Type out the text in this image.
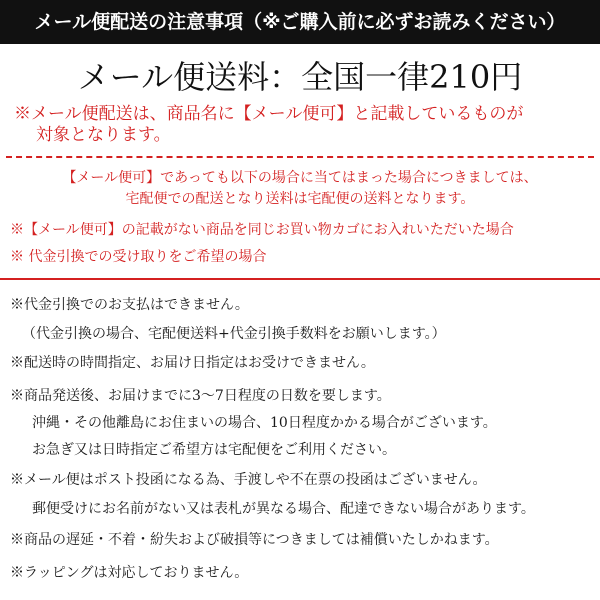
メール便配送の注意事項（※ご購入前に必ずお読みください）
メール便送料：全国一律210円
※メール便配送は、商品名に【メール便可】と記載しているものが
対象となります。
【メール便可】であっても以下の場合に当てはまった場合につきましては、
宅配便での配送となり送料は宅配便の送料となります。
※【メール便可】の記載がない商品を同じお買い物カゴにお入れいただいた場合
※ 代金引換での受け取りをご希望の場合
※代金引換でのお支払はできません。
（代金引換の場合、宅配便送料+代金引換手数料をお願いします。）
※配送時の時間指定、お届け日指定はお受けできません。
※商品発送後、お届けまでに3〜7日程度の日数を要します。
沖縄・その他離島にお住まいの場合、10日程度かかる場合がございます。
お急ぎ又は日時指定ご希望方は宅配便をご利用ください。
※メール便はポスト投函になる為、手渡しや不在票の投函はございません。
郵便受けにお名前がない又は表札が異なる場合、配達できない場合があります。
※商品の遅延・不着・紛失および破損等につきましては補償いたしかねます。
※ラッピングは対応しておりません。
